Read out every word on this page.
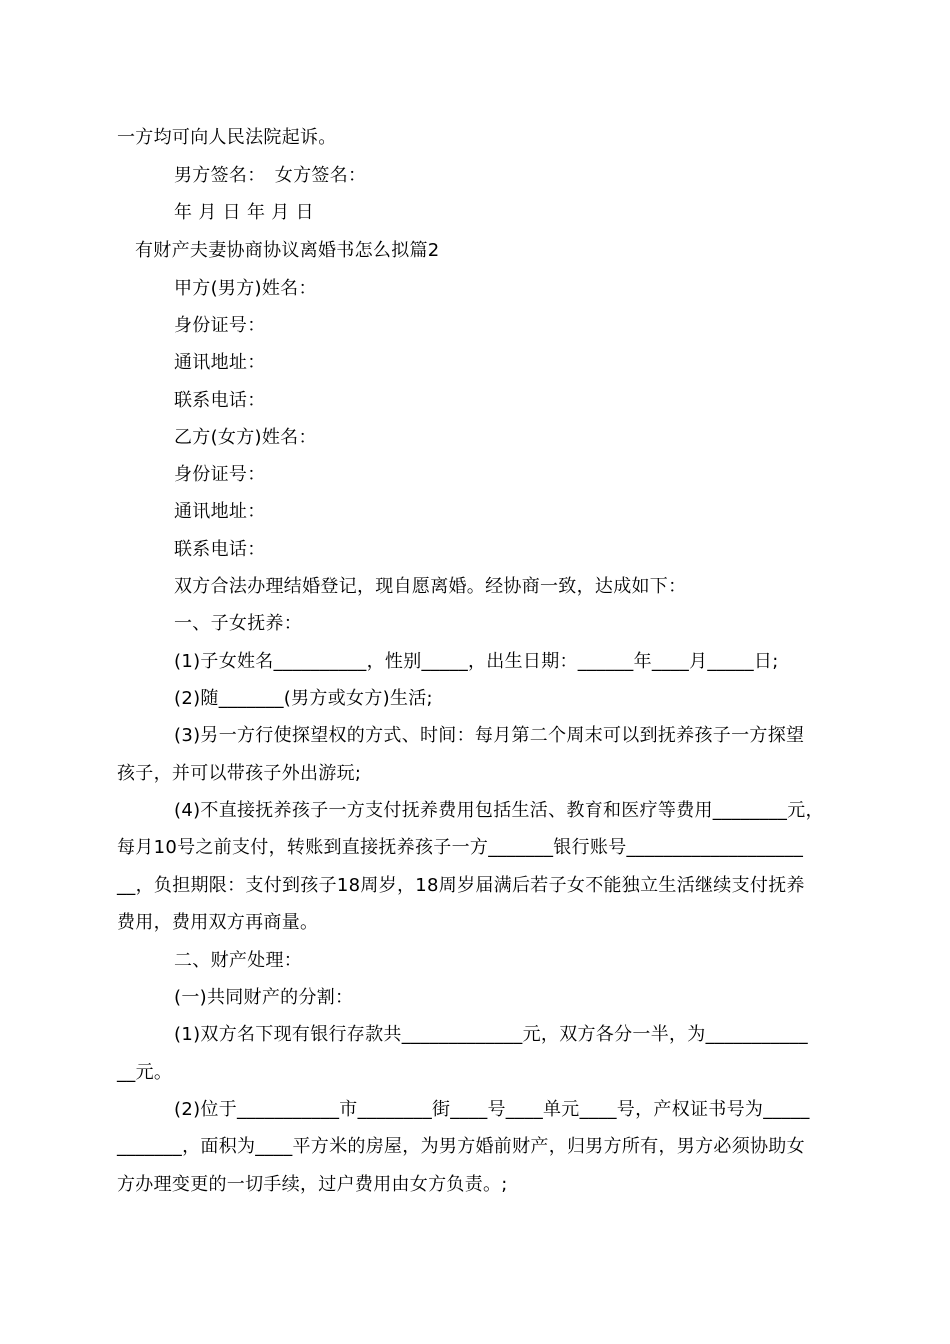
一方均可向人民法院起诉。
男方签名：　女方签名：
年 月 日 年 月 日
有财产夫妻协商协议离婚书怎么拟篇2
甲方(男方)姓名：
身份证号：
通讯地址：
联系电话：
乙方(女方)姓名：
身份证号：
通讯地址：
联系电话：
双方合法办理结婚登记，现自愿离婚。经协商一致，达成如下：
一、子女抚养：
(1)子女姓名__________，性别_____，出生日期：______年____月_____日;
(2)随_______(男方或女方)生活;
(3)另一方行使探望权的方式、时间：每月第二个周末可以到抚养孩子一方探望
孩子，并可以带孩子外出游玩;
(4)不直接抚养孩子一方支付抚养费用包括生活、教育和医疗等费用________元，
每月10号之前支付，转账到直接抚养孩子一方_______银行账号___________________
__，负担期限：支付到孩子18周岁，18周岁届满后若子女不能独立生活继续支付抚养
费用，费用双方再商量。
二、财产处理：
(一)共同财产的分割：
(1)双方名下现有银行存款共_____________元，双方各分一半，为___________
__元。
(2)位于___________市________街____号____单元____号，产权证书号为_____
_______，面积为____平方米的房屋，为男方婚前财产，归男方所有，男方必须协助女
方办理变更的一切手续，过户费用由女方负责。;
